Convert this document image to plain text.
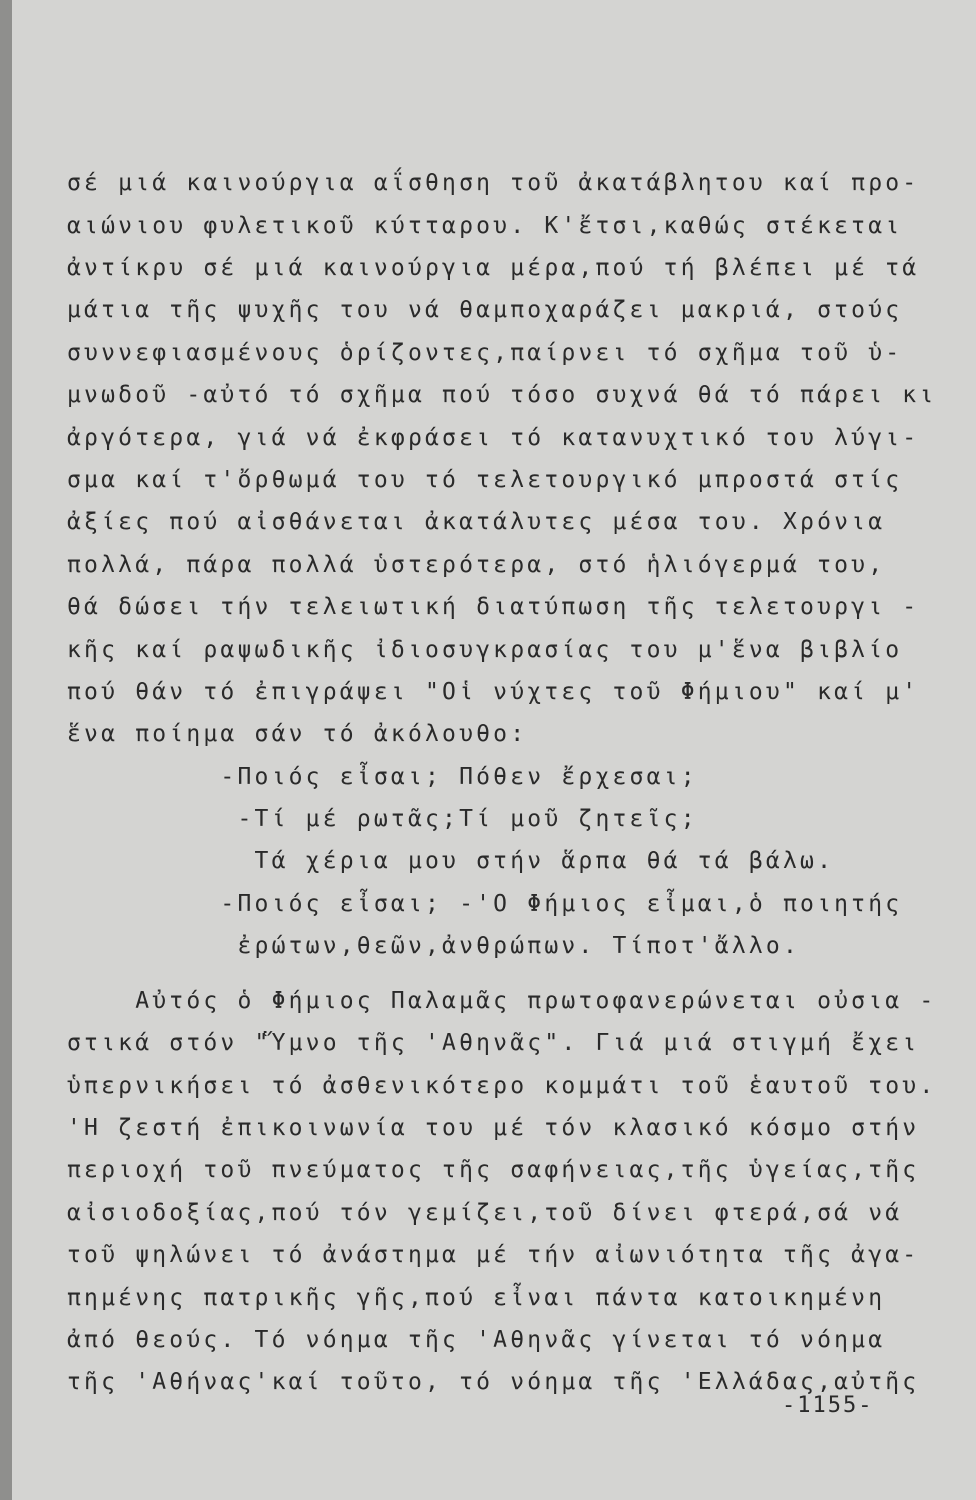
σέ μιά καινούργια αΐσθηση τοῦ ἀκατάβλητου καί προ-
αιώνιου φυλετικοῦ κύτταρου. Κ'ἔτσι,καθώς στέκεται
ἀντίκρυ σέ μιά καινούργια μέρα,πού τή βλέπει μέ τά
μάτια τῆς ψυχῆς του νά θαμποχαράζει μακριά, στούς
συννεφιασμένους ὁρίζοντες,παίρνει τό σχῆμα τοῦ ὑ-
μνωδοῦ -αὐτό τό σχῆμα πού τόσο συχνά θά τό πάρει κι
ἀργότερα, γιά νά ἐκφράσει τό κατανυχτικό του λύγι-
σμα καί τ'ὄρθωμά του τό τελετουργικό μπροστά στίς
ἀξίες πού αἰσθάνεται ἀκατάλυτες μέσα του. Χρόνια
πολλά, πάρα πολλά ὑστερότερα, στό ἡλιόγερμά του,
θά δώσει τήν τελειωτική διατύπωση τῆς τελετουργι -
κῆς καί ραψωδικῆς ἰδιοσυγκρασίας του μ'ἕνα βιβλίο
πού θάν τό ἐπιγράψει "Οἱ νύχτες τοῦ Φήμιου" καί μ'
ἕνα ποίημα σάν τό ἀκόλουθο:
-Ποιός εἶσαι; Πόθεν ἔρχεσαι;
-Τί μέ ρωτᾶς;Τί μοῦ ζητεῖς;
Τά χέρια μου στήν ἅρπα θά τά βάλω.
-Ποιός εἶσαι; -'Ο Φήμιος εἶμαι,ὁ ποιητής
ἐρώτων,θεῶν,ἀνθρώπων. Τίποτ'ἄλλο.
Αὐτός ὁ Φήμιος Παλαμᾶς πρωτοφανερώνεται οὐσια -
στικά στόν "Ὕμνο τῆς 'Αθηνᾶς". Γιά μιά στιγμή ἔχει
ὑπερνικήσει τό ἀσθενικότερο κομμάτι τοῦ ἑαυτοῦ του.
'Η ζεστή ἐπικοινωνία του μέ τόν κλασικό κόσμο στήν
περιοχή τοῦ πνεύματος τῆς σαφήνειας,τῆς ὑγείας,τῆς
αἰσιοδοξίας,πού τόν γεμίζει,τοῦ δίνει φτερά,σά νά
τοῦ ψηλώνει τό ἀνάστημα μέ τήν αἰωνιότητα τῆς ἀγα-
πημένης πατρικῆς γῆς,πού εἶναι πάντα κατοικημένη
ἀπό θεούς. Τό νόημα τῆς 'Αθηνᾶς γίνεται τό νόημα
τῆς 'Αθήνας'καί τοῦτο, τό νόημα τῆς 'Ελλάδας,αὐτῆς
-1155-
